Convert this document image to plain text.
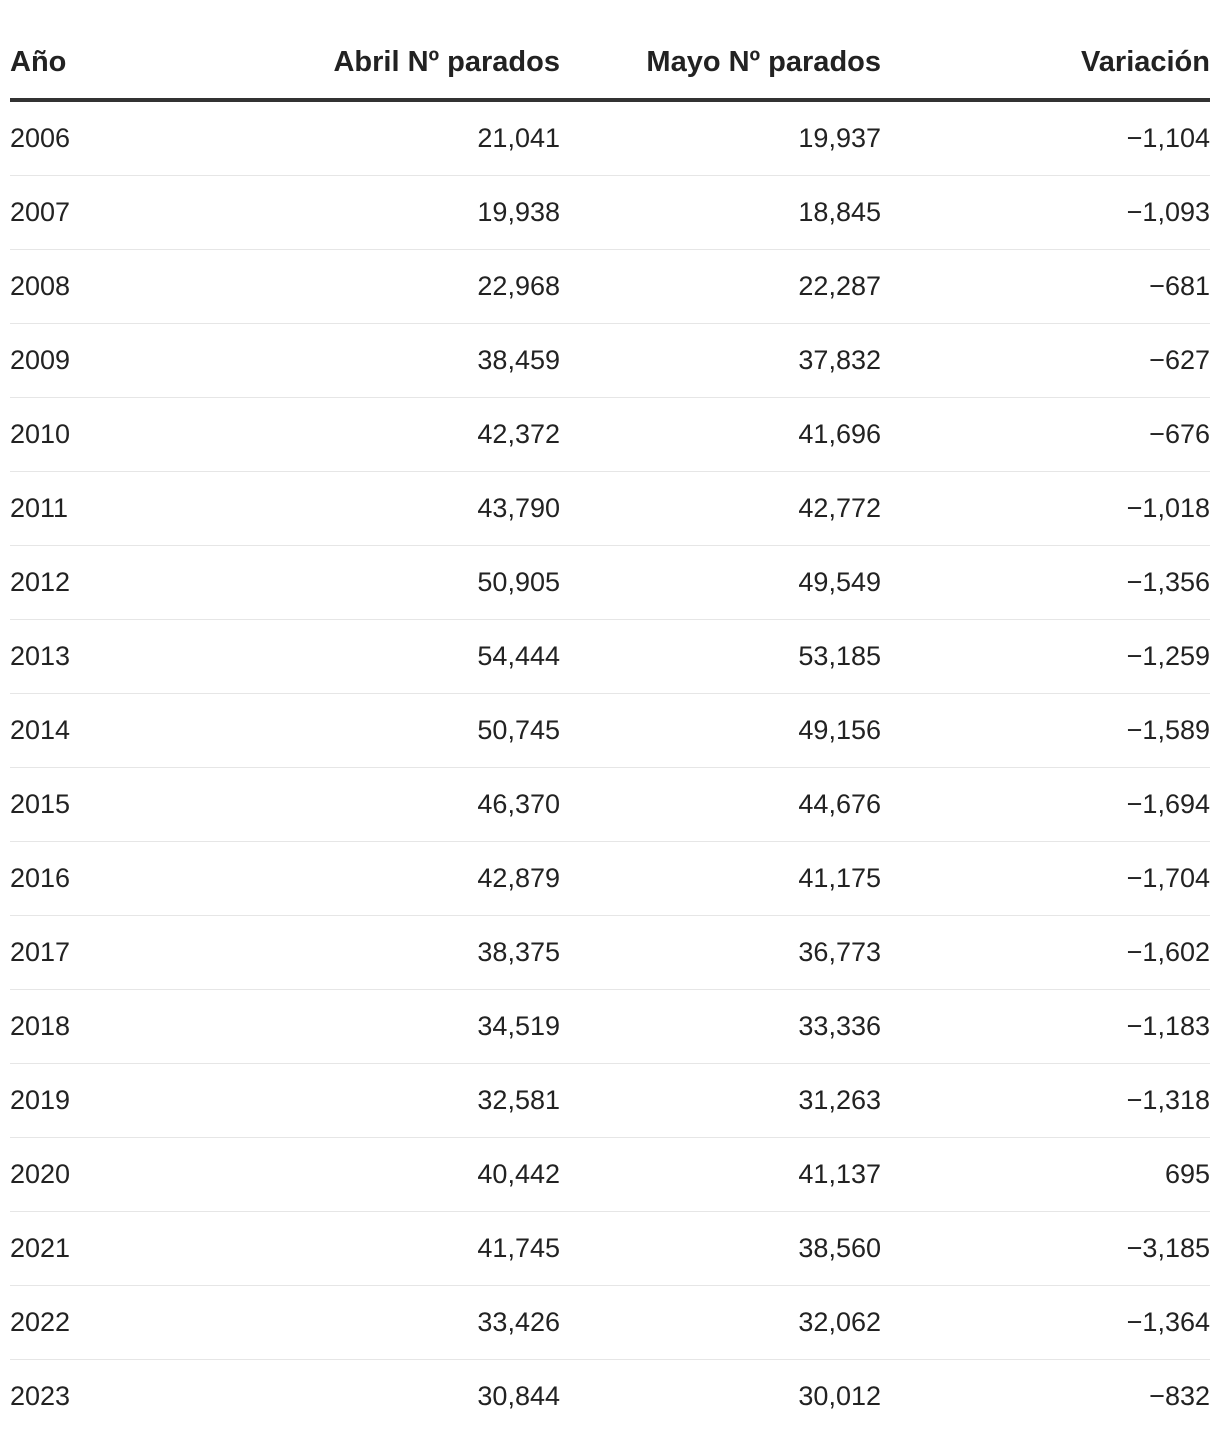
Año	Abril Nº parados	Mayo Nº parados	Variación
2006	21,041	19,937	−1,104
2007	19,938	18,845	−1,093
2008	22,968	22,287	−681
2009	38,459	37,832	−627
2010	42,372	41,696	−676
2011	43,790	42,772	−1,018
2012	50,905	49,549	−1,356
2013	54,444	53,185	−1,259
2014	50,745	49,156	−1,589
2015	46,370	44,676	−1,694
2016	42,879	41,175	−1,704
2017	38,375	36,773	−1,602
2018	34,519	33,336	−1,183
2019	32,581	31,263	−1,318
2020	40,442	41,137	695
2021	41,745	38,560	−3,185
2022	33,426	32,062	−1,364
2023	30,844	30,012	−832
